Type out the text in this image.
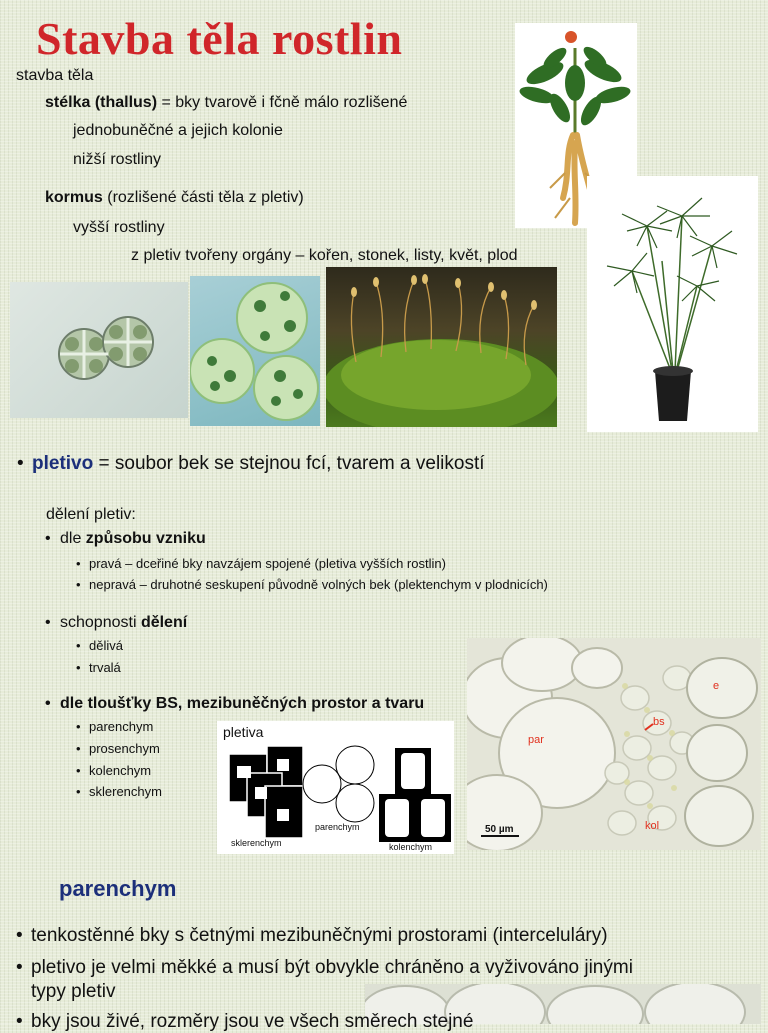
Stavba těla rostlin
stavba těla
stélka (thallus) = bky tvarově i fčně málo rozlišené
jednobuněčné a jejich kolonie
nižší rostliny
kormus (rozlišené části těla z pletiv)
vyšší rostliny
z pletiv tvořeny orgány – kořen, stonek, listy, květ, plod
pletivo = soubor bek se stejnou fcí, tvarem a velikostí
dělení pletiv:
dle způsobu vzniku
pravá – dceřiné bky navzájem spojené (pletiva vyšších rostlin)
nepravá – druhotné seskupení původně volných bek (plektenchym v plodnicích)
schopnosti dělení
dělivá
trvalá
dle tloušťky BS, mezibuněčných prostor a tvaru
parenchym
prosenchym
kolenchym
sklerenchym
pletiva
sklerenchym
parenchym
kolenchym
par
bs
e
kol
50 µm
parenchym
tenkostěnné bky s četnými mezibuněčnými prostorami (interceluláry)
pletivo je velmi měkké a musí být obvykle chráněno a vyživováno jinými
typy pletiv
bky jsou živé, rozměry jsou ve všech směrech stejné
